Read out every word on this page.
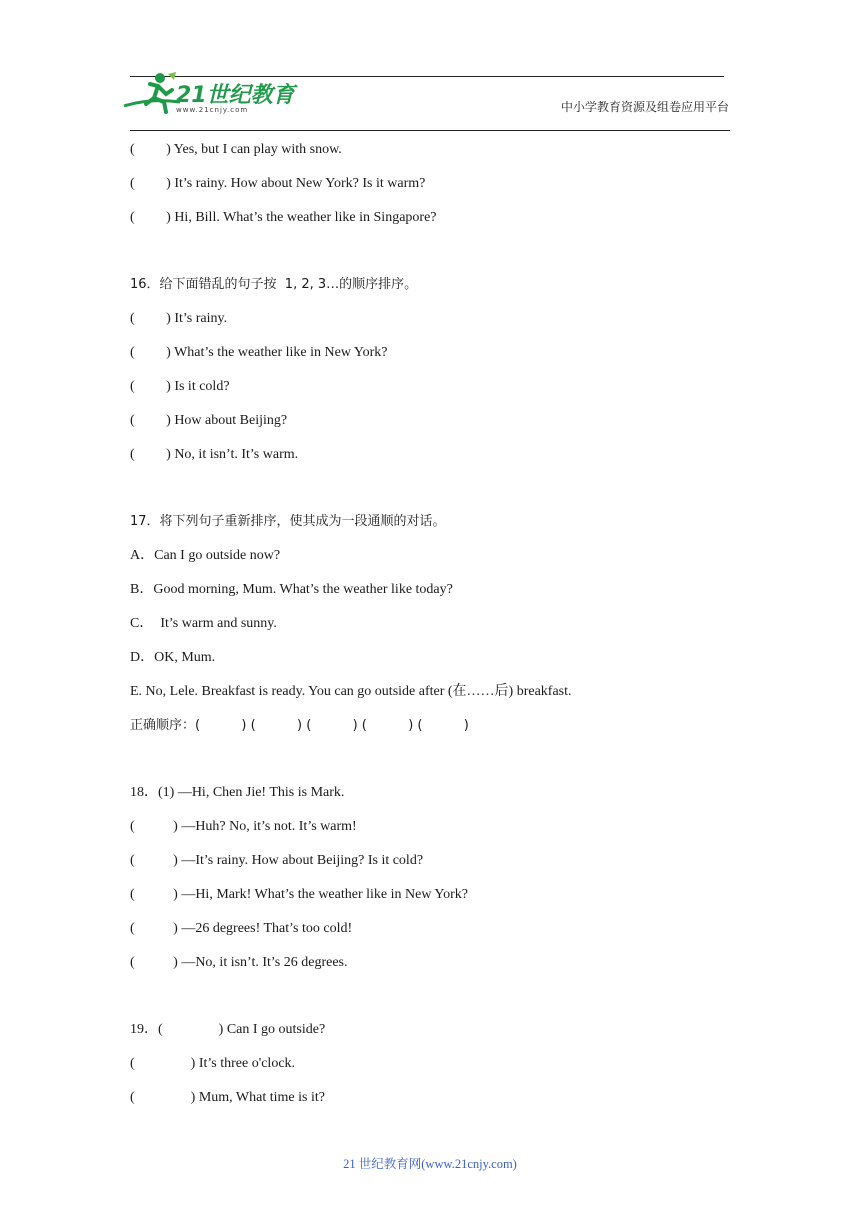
21世纪教育
www.21cnjy.com	中小学教育资源及组卷应用平台
(         ) Yes, but I can play with snow.
(         ) It’s rainy. How about New York? Is it warm?
(         ) Hi, Bill. What’s the weather like in Singapore?
16．给下面错乱的句子按  1, 2, 3…的顺序排序。
(         ) It’s rainy.
(         ) What’s the weather like in New York?
(         ) Is it cold?
(         ) How about Beijing?
(         ) No, it isn’t. It’s warm.
17．将下列句子重新排序，使其成为一段通顺的对话。
A．Can I go outside now?
B．Good morning, Mum. What’s the weather like today?
C．  It’s warm and sunny.
D．OK, Mum.
E. No, Lele. Breakfast is ready. You can go outside after (在……后) breakfast.
正确顺序：(          ) (          ) (          ) (          ) (          )
18．(1) —Hi, Chen Jie! This is Mark.
(           ) —Huh? No, it’s not. It’s warm!
(           ) —It’s rainy. How about Beijing? Is it cold?
(           ) —Hi, Mark! What’s the weather like in New York?
(           ) —26 degrees! That’s too cold!
(           ) —No, it isn’t. It’s 26 degrees.
19．(                ) Can I go outside?
(                ) It’s three o'clock.
(                ) Mum, What time is it?
21 世纪教育网(www.21cnjy.com)
